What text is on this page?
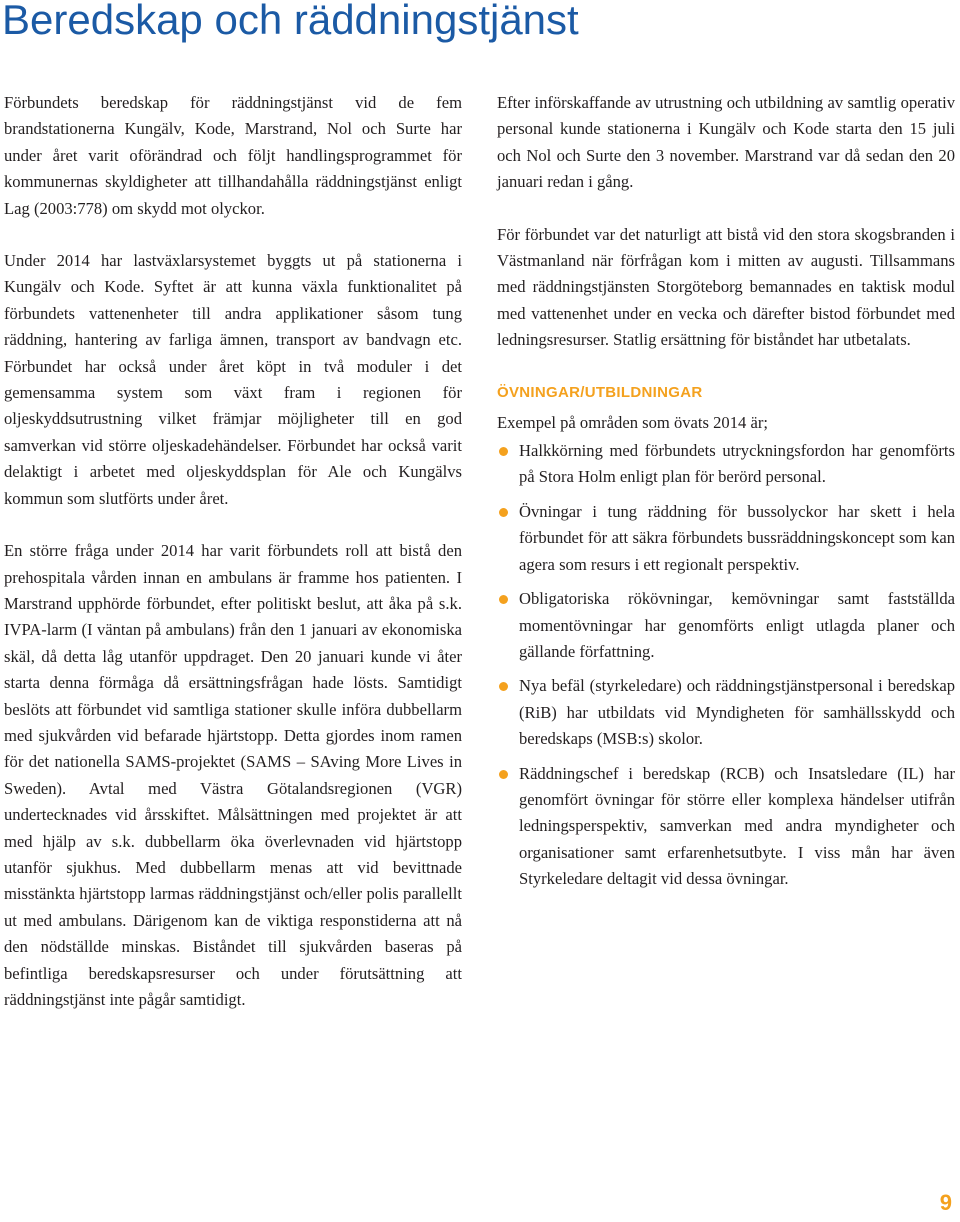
Beredskap och räddningstjänst

Förbundets beredskap för räddningstjänst vid de fem brandstationerna Kungälv, Kode, Marstrand, Nol och Surte har under året varit oförändrad och följt handlingsprogrammet för kommunernas skyldigheter att tillhandahålla räddningstjänst enligt Lag (2003:778) om skydd mot olyckor.

Under 2014 har lastväxlarsystemet byggts ut på stationerna i Kungälv och Kode. Syftet är att kunna växla funktionalitet på förbundets vattenenheter till andra applikationer såsom tung räddning, hantering av farliga ämnen, transport av bandvagn etc. Förbundet har också under året köpt in två moduler i det gemensamma system som växt fram i regionen för oljeskyddsutrustning vilket främjar möjligheter till en god samverkan vid större oljeskadehändelser. Förbundet har också varit delaktigt i arbetet med oljeskyddsplan för Ale och Kungälvs kommun som slutförts under året.

En större fråga under 2014 har varit förbundets roll att bistå den prehospitala vården innan en ambulans är framme hos patienten. I Marstrand upphörde förbundet, efter politiskt beslut, att åka på s.k. IVPA-larm (I väntan på ambulans) från den 1 januari av ekonomiska skäl, då detta låg utanför uppdraget. Den 20 januari kunde vi åter starta denna förmåga då ersättningsfrågan hade lösts. Samtidigt beslöts att förbundet vid samtliga stationer skulle införa dubbellarm med sjukvården vid befarade hjärtstopp. Detta gjordes inom ramen för det nationella SAMS-projektet (SAMS – SAving More Lives in Sweden). Avtal med Västra Götalandsregionen (VGR) undertecknades vid årsskiftet. Målsättningen med projektet är att med hjälp av s.k. dubbellarm öka överlevnaden vid hjärtstopp utanför sjukhus. Med dubbellarm menas att vid bevittnade misstänkta hjärtstopp larmas räddningstjänst och/eller polis parallellt ut med ambulans. Därigenom kan de viktiga responstiderna att nå den nödställde minskas. Biståndet till sjukvården baseras på befintliga beredskapsresurser och under förutsättning att räddningstjänst inte pågår samtidigt.

Efter införskaffande av utrustning och utbildning av samtlig operativ personal kunde stationerna i Kungälv och Kode starta den 15 juli och Nol och Surte den 3 november. Marstrand var då sedan den 20 januari redan i gång.

För förbundet var det naturligt att bistå vid den stora skogsbranden i Västmanland när förfrågan kom i mitten av augusti. Tillsammans med räddningstjänsten Storgöteborg bemannades en taktisk modul med vattenenhet under en vecka och därefter bistod förbundet med ledningsresurser. Statlig ersättning för biståndet har utbetalats.

ÖVNINGAR/UTBILDNINGAR

Exempel på områden som övats 2014 är;

Halkkörning med förbundets utryckningsfordon har genomförts på Stora Holm enligt plan för berörd personal.
Övningar i tung räddning för bussolyckor har skett i hela förbundet för att säkra förbundets bussräddningskoncept som kan agera som resurs i ett regionalt perspektiv.
Obligatoriska rökövningar, kemövningar samt fastställda momentövningar har genomförts enligt utlagda planer och gällande författning.
Nya befäl (styrkeledare) och räddningstjänstpersonal i beredskap (RiB) har utbildats vid Myndigheten för samhällsskydd och beredskaps (MSB:s) skolor.
Räddningschef i beredskap (RCB) och Insatsledare (IL) har genomfört övningar för större eller komplexa händelser utifrån ledningsperspektiv, samverkan med andra myndigheter och organisationer samt erfarenhetsutbyte. I viss mån har även Styrkeledare deltagit vid dessa övningar.
9
